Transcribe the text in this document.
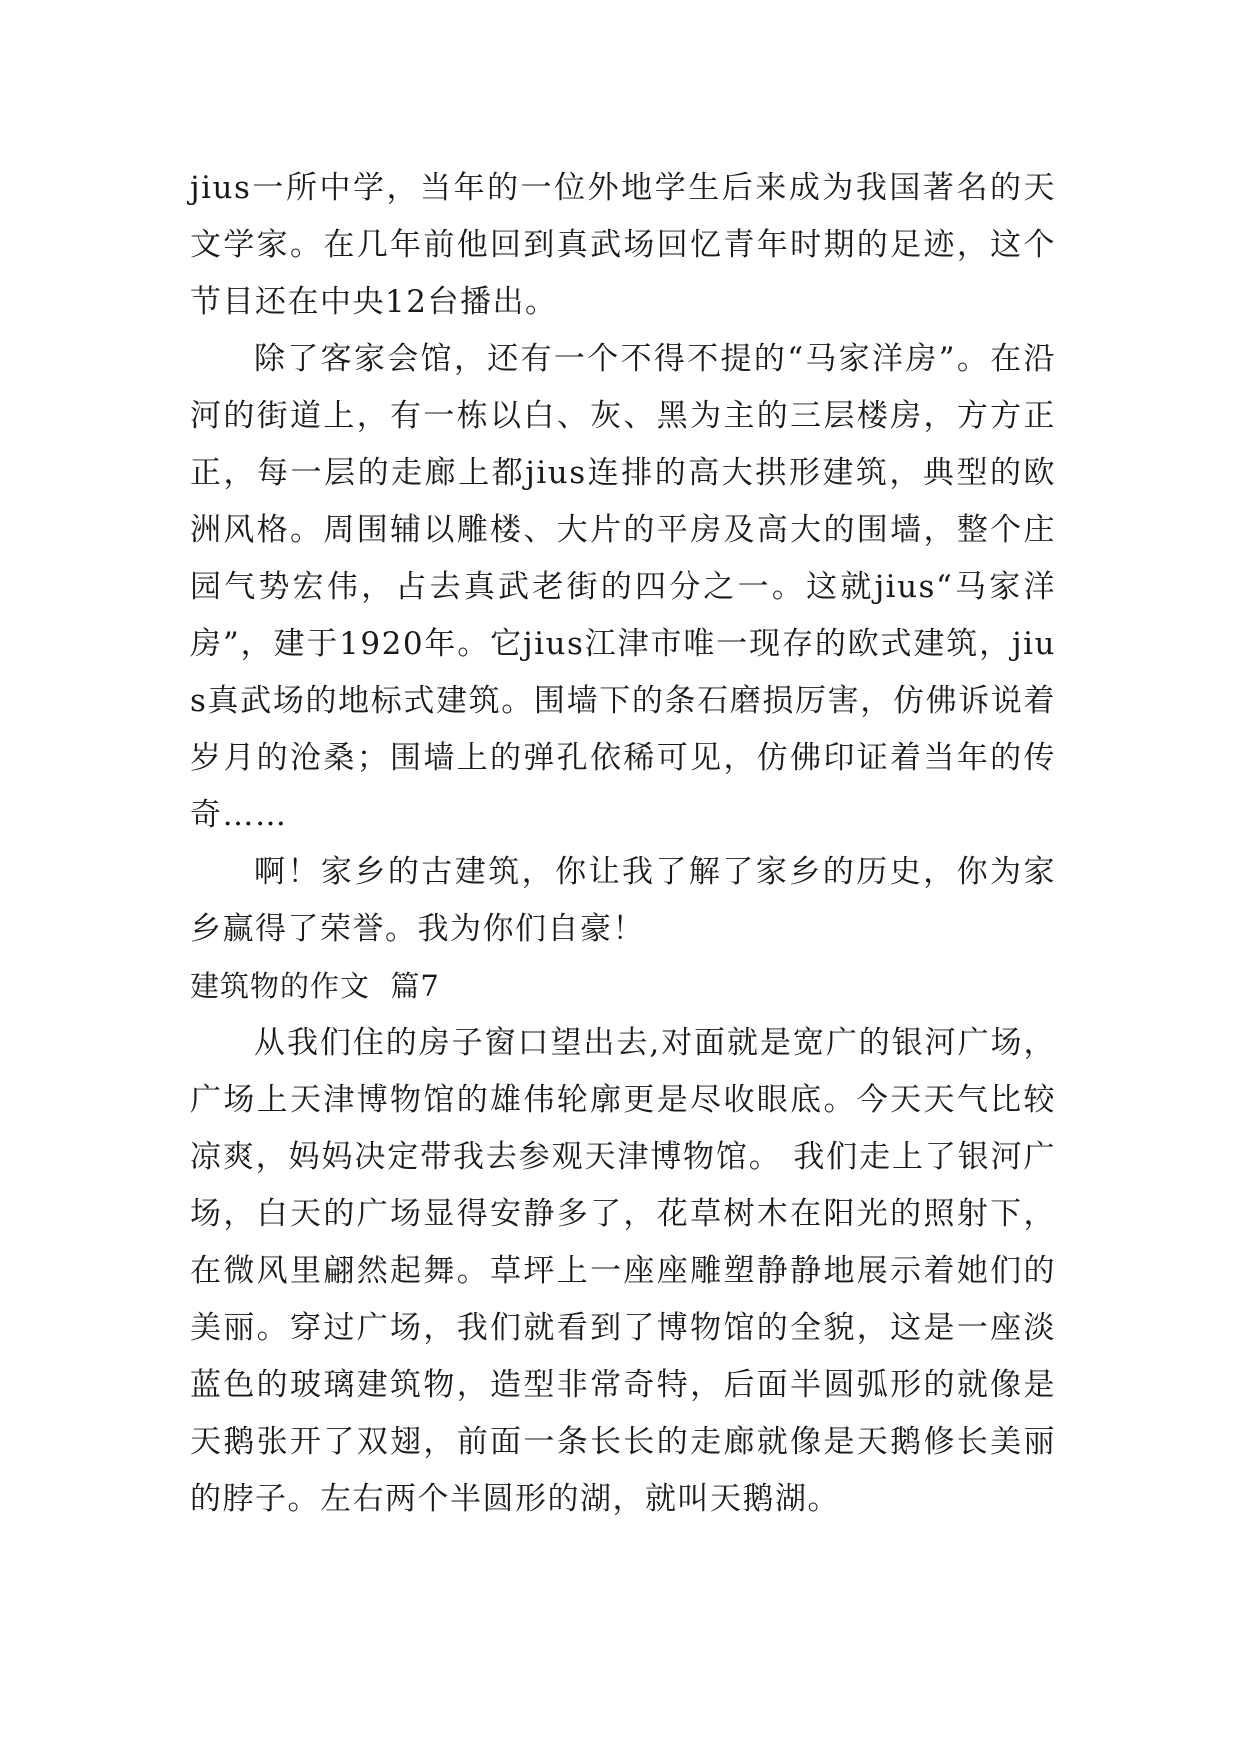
jius一所中学，当年的一位外地学生后来成为我国著名的天文学家。在几年前他回到真武场回忆青年时期的足迹，这个节目还在中央12台播出。

除了客家会馆，还有一个不得不提的“马家洋房”。在沿河的街道上，有一栋以白、灰、黑为主的三层楼房，方方正正，每一层的走廊上都jius连排的高大拱形建筑，典型的欧洲风格。周围辅以雕楼、大片的平房及高大的围墙，整个庄园气势宏伟，占去真武老街的四分之一。这就jius“马家洋房”，建于1920年。它jius江津市唯一现存的欧式建筑，jius真武场的地标式建筑。围墙下的条石磨损厉害，仿佛诉说着岁月的沧桑；围墙上的弹孔依稀可见，仿佛印证着当年的传奇……

啊！家乡的古建筑，你让我了解了家乡的历史，你为家乡赢得了荣誉。我为你们自豪！

建筑物的作文  篇7

从我们住的房子窗口望出去,对面就是宽广的银河广场，广场上天津博物馆的雄伟轮廓更是尽收眼底。今天天气比较凉爽，妈妈决定带我去参观天津博物馆。 我们走上了银河广场，白天的广场显得安静多了，花草树木在阳光的照射下，在微风里翩然起舞。草坪上一座座雕塑静静地展示着她们的美丽。穿过广场，我们就看到了博物馆的全貌，这是一座淡蓝色的玻璃建筑物，造型非常奇特，后面半圆弧形的就像是天鹅张开了双翅，前面一条长长的走廊就像是天鹅修长美丽的脖子。左右两个半圆形的湖，就叫天鹅湖。
